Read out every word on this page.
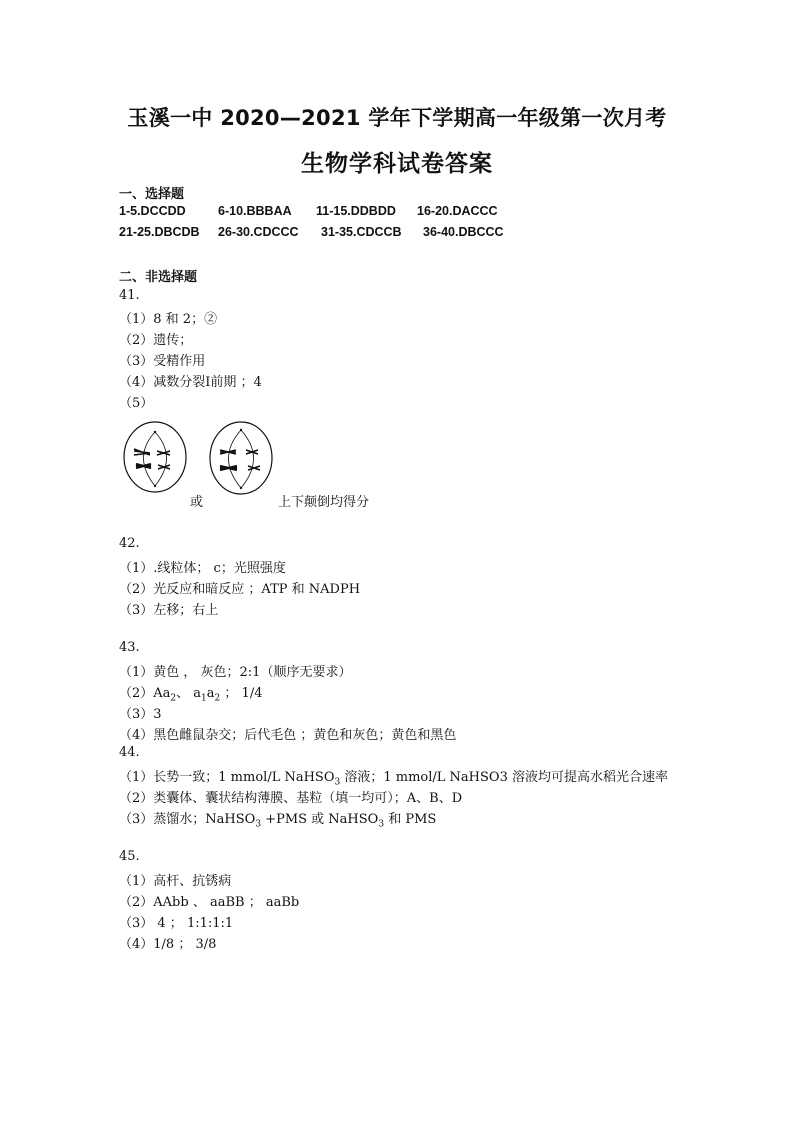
玉溪一中 2020—2021 学年下学期高一年级第一次月考
生物学科试卷答案
一、选择题
1-5.DCCDD	6-10.BBBAA 11-15.DDBDD 16-20.DACCC
21-25.DBCDB 26-30.CDCCC 31-35.CDCCB 36-40.DBCCC
二、非选择题
41.
（1）8 和 2；②
（2）遗传；
（3）受精作用
（4）减数分裂Ⅰ前期 ；4
（5）
或	上下颠倒均得分
42.
（1）.线粒体； c；光照强度
（2）光反应和暗反应 ；ATP 和 NADPH
（3）左移；右上
43.
（1）黄色 ， 灰色；2:1（顺序无要求）
$(2)Aa_2$、 $a_1a_2$ ； 1/4
（3）3
（4）黑色雌鼠杂交；后代毛色 ；黄色和灰色；黄色和黑色
44.
（1）长势一致；1 mmol/L NaHSO$_3$ 溶液；1 mmol/L NaHSO3 溶液均可提高水稻光合速率
（2）类囊体、囊状结构薄膜、基粒（填一均可）；A、B、D
（3）蒸馏水；NaHSO$_3$ +PMS 或 NaHSO$_3$ 和 PMS
45.
（1）高杆、抗锈病
（2）AAbb 、 aaBB ； aaBb
（3） 4 ； 1:1:1:1
（4）1/8 ； 3/8
